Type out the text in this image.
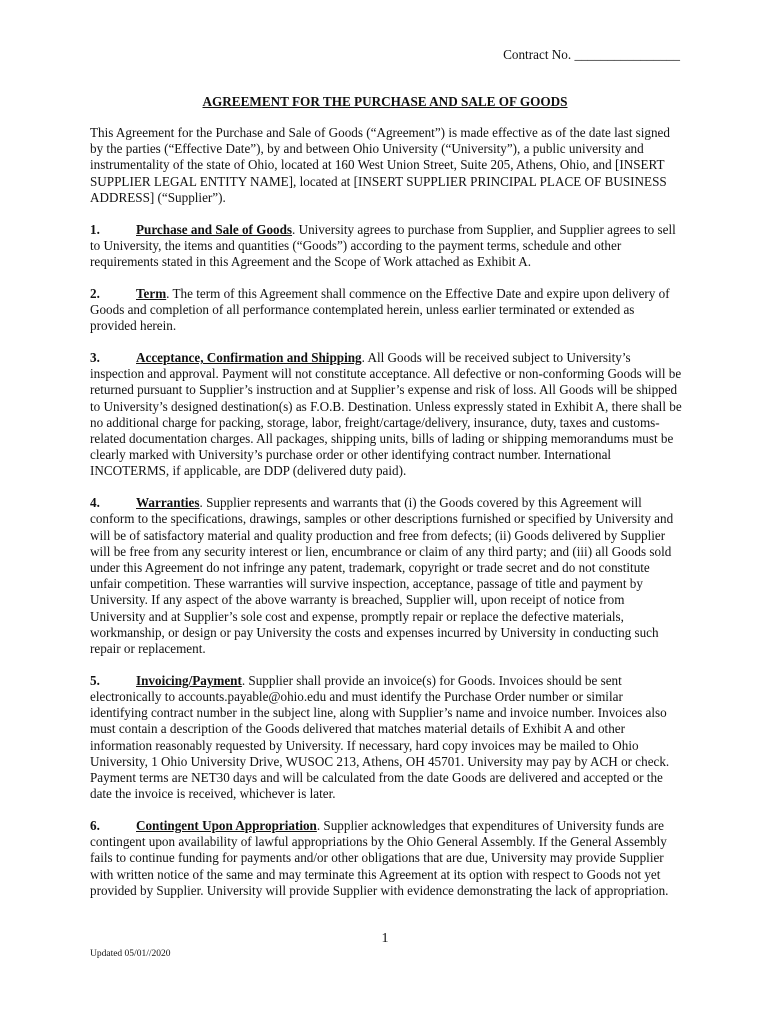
Contract No. ________________
AGREEMENT FOR THE PURCHASE AND SALE OF GOODS

This Agreement for the Purchase and Sale of Goods (“Agreement”) is made effective as of the date last signed by the parties (“Effective Date”), by and between Ohio University (“University”), a public university and instrumentality of the state of Ohio, located at 160 West Union Street, Suite 205, Athens, Ohio, and [INSERT SUPPLIER LEGAL ENTITY NAME], located at [INSERT SUPPLIER PRINCIPAL PLACE OF BUSINESS ADDRESS] (“Supplier”).

1.	Purchase and Sale of Goods. University agrees to purchase from Supplier, and Supplier agrees to sell to University, the items and quantities (“Goods”) according to the payment terms, schedule and other requirements stated in this Agreement and the Scope of Work attached as Exhibit A.

2.	Term. The term of this Agreement shall commence on the Effective Date and expire upon delivery of Goods and completion of all performance contemplated herein, unless earlier terminated or extended as provided herein.

3.	Acceptance, Confirmation and Shipping. All Goods will be received subject to University’s inspection and approval. Payment will not constitute acceptance. All defective or non-conforming Goods will be returned pursuant to Supplier’s instruction and at Supplier’s expense and risk of loss. All Goods will be shipped to University’s designed destination(s) as F.O.B. Destination. Unless expressly stated in Exhibit A, there shall be no additional charge for packing, storage, labor, freight/cartage/delivery, insurance, duty, taxes and customs-related documentation charges. All packages, shipping units, bills of lading or shipping memorandums must be clearly marked with University’s purchase order or other identifying contract number. International INCOTERMS, if applicable, are DDP (delivered duty paid).

4.	Warranties. Supplier represents and warrants that (i) the Goods covered by this Agreement will conform to the specifications, drawings, samples or other descriptions furnished or specified by University and will be of satisfactory material and quality production and free from defects; (ii) Goods delivered by Supplier will be free from any security interest or lien, encumbrance or claim of any third party; and (iii) all Goods sold under this Agreement do not infringe any patent, trademark, copyright or trade secret and do not constitute unfair competition. These warranties will survive inspection, acceptance, passage of title and payment by University. If any aspect of the above warranty is breached, Supplier will, upon receipt of notice from University and at Supplier’s sole cost and expense, promptly repair or replace the defective materials, workmanship, or design or pay University the costs and expenses incurred by University in conducting such repair or replacement.

5.	Invoicing/Payment. Supplier shall provide an invoice(s) for Goods. Invoices should be sent electronically to accounts.payable@ohio.edu and must identify the Purchase Order number or similar identifying contract number in the subject line, along with Supplier’s name and invoice number. Invoices also must contain a description of the Goods delivered that matches material details of Exhibit A and other information reasonably requested by University. If necessary, hard copy invoices may be mailed to Ohio University, 1 Ohio University Drive, WUSOC 213, Athens, OH 45701. University may pay by ACH or check. Payment terms are NET30 days and will be calculated from the date Goods are delivered and accepted or the date the invoice is received, whichever is later.

6.	Contingent Upon Appropriation. Supplier acknowledges that expenditures of University funds are contingent upon availability of lawful appropriations by the Ohio General Assembly. If the General Assembly fails to continue funding for payments and/or other obligations that are due, University may provide Supplier with written notice of the same and may terminate this Agreement at its option with respect to Goods not yet provided by Supplier. University will provide Supplier with evidence demonstrating the lack of appropriation.

1
Updated 05/01//2020
